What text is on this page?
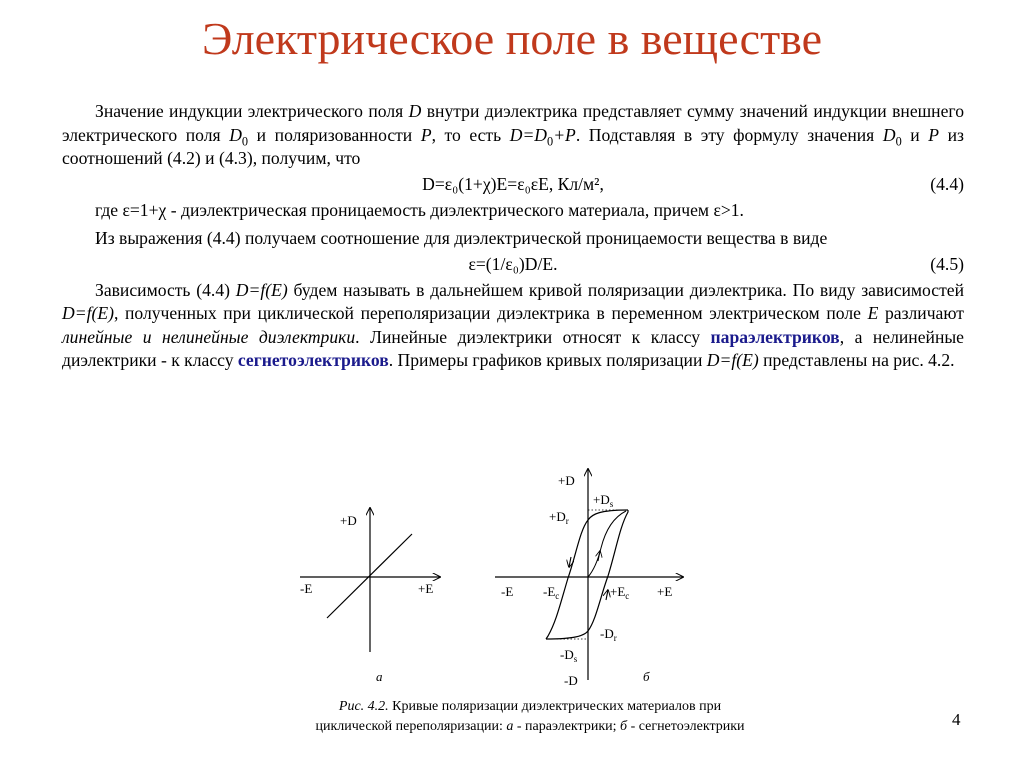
Электрическое поле в веществе

Значение индукции электрического поля D внутри диэлектрика представляет сумму значений индукции внешнего электрического поля $D_0$ и поляризованности P, то есть $D=D_0+P$. Подставляя в эту формулу значения $D_0$ и P из соотношений (4.2) и (4.3), получим, что

D=ε₀(1+χ)E=ε₀εE, Кл/м²,	(4.4)

где ε=1+χ - диэлектрическая проницаемость диэлектрического материала, причем ε>1.

Из выражения (4.4) получаем соотношение для диэлектрической проницаемости вещества в виде

ε=(1/ε₀)D/E.	(4.5)

Зависимость (4.4) D=f(E) будем называть в дальнейшем кривой поляризации диэлектрика. По виду зависимостей D=f(E), полученных при циклической переполяризации диэлектрика в переменном электрическом поле E различают линейные и нелинейные диэлектрики. Линейные диэлектрики относят к классу параэлектриков, а нелинейные диэлектрики - к классу сегнетоэлектриков. Примеры графиков кривых поляризации D=f(E) представлены на рис. 4.2.

+D
-E	+E
а
+D
$+D_s$
$+D_r$
-E $-E_c$	$+E_c +E$
$-D_r$
$-D_s$
-D	б
Рис. 4.2. Кривые поляризации диэлектрических материалов при
циклической переполяризации: а - параэлектрики; б - сегнетоэлектрики	4
